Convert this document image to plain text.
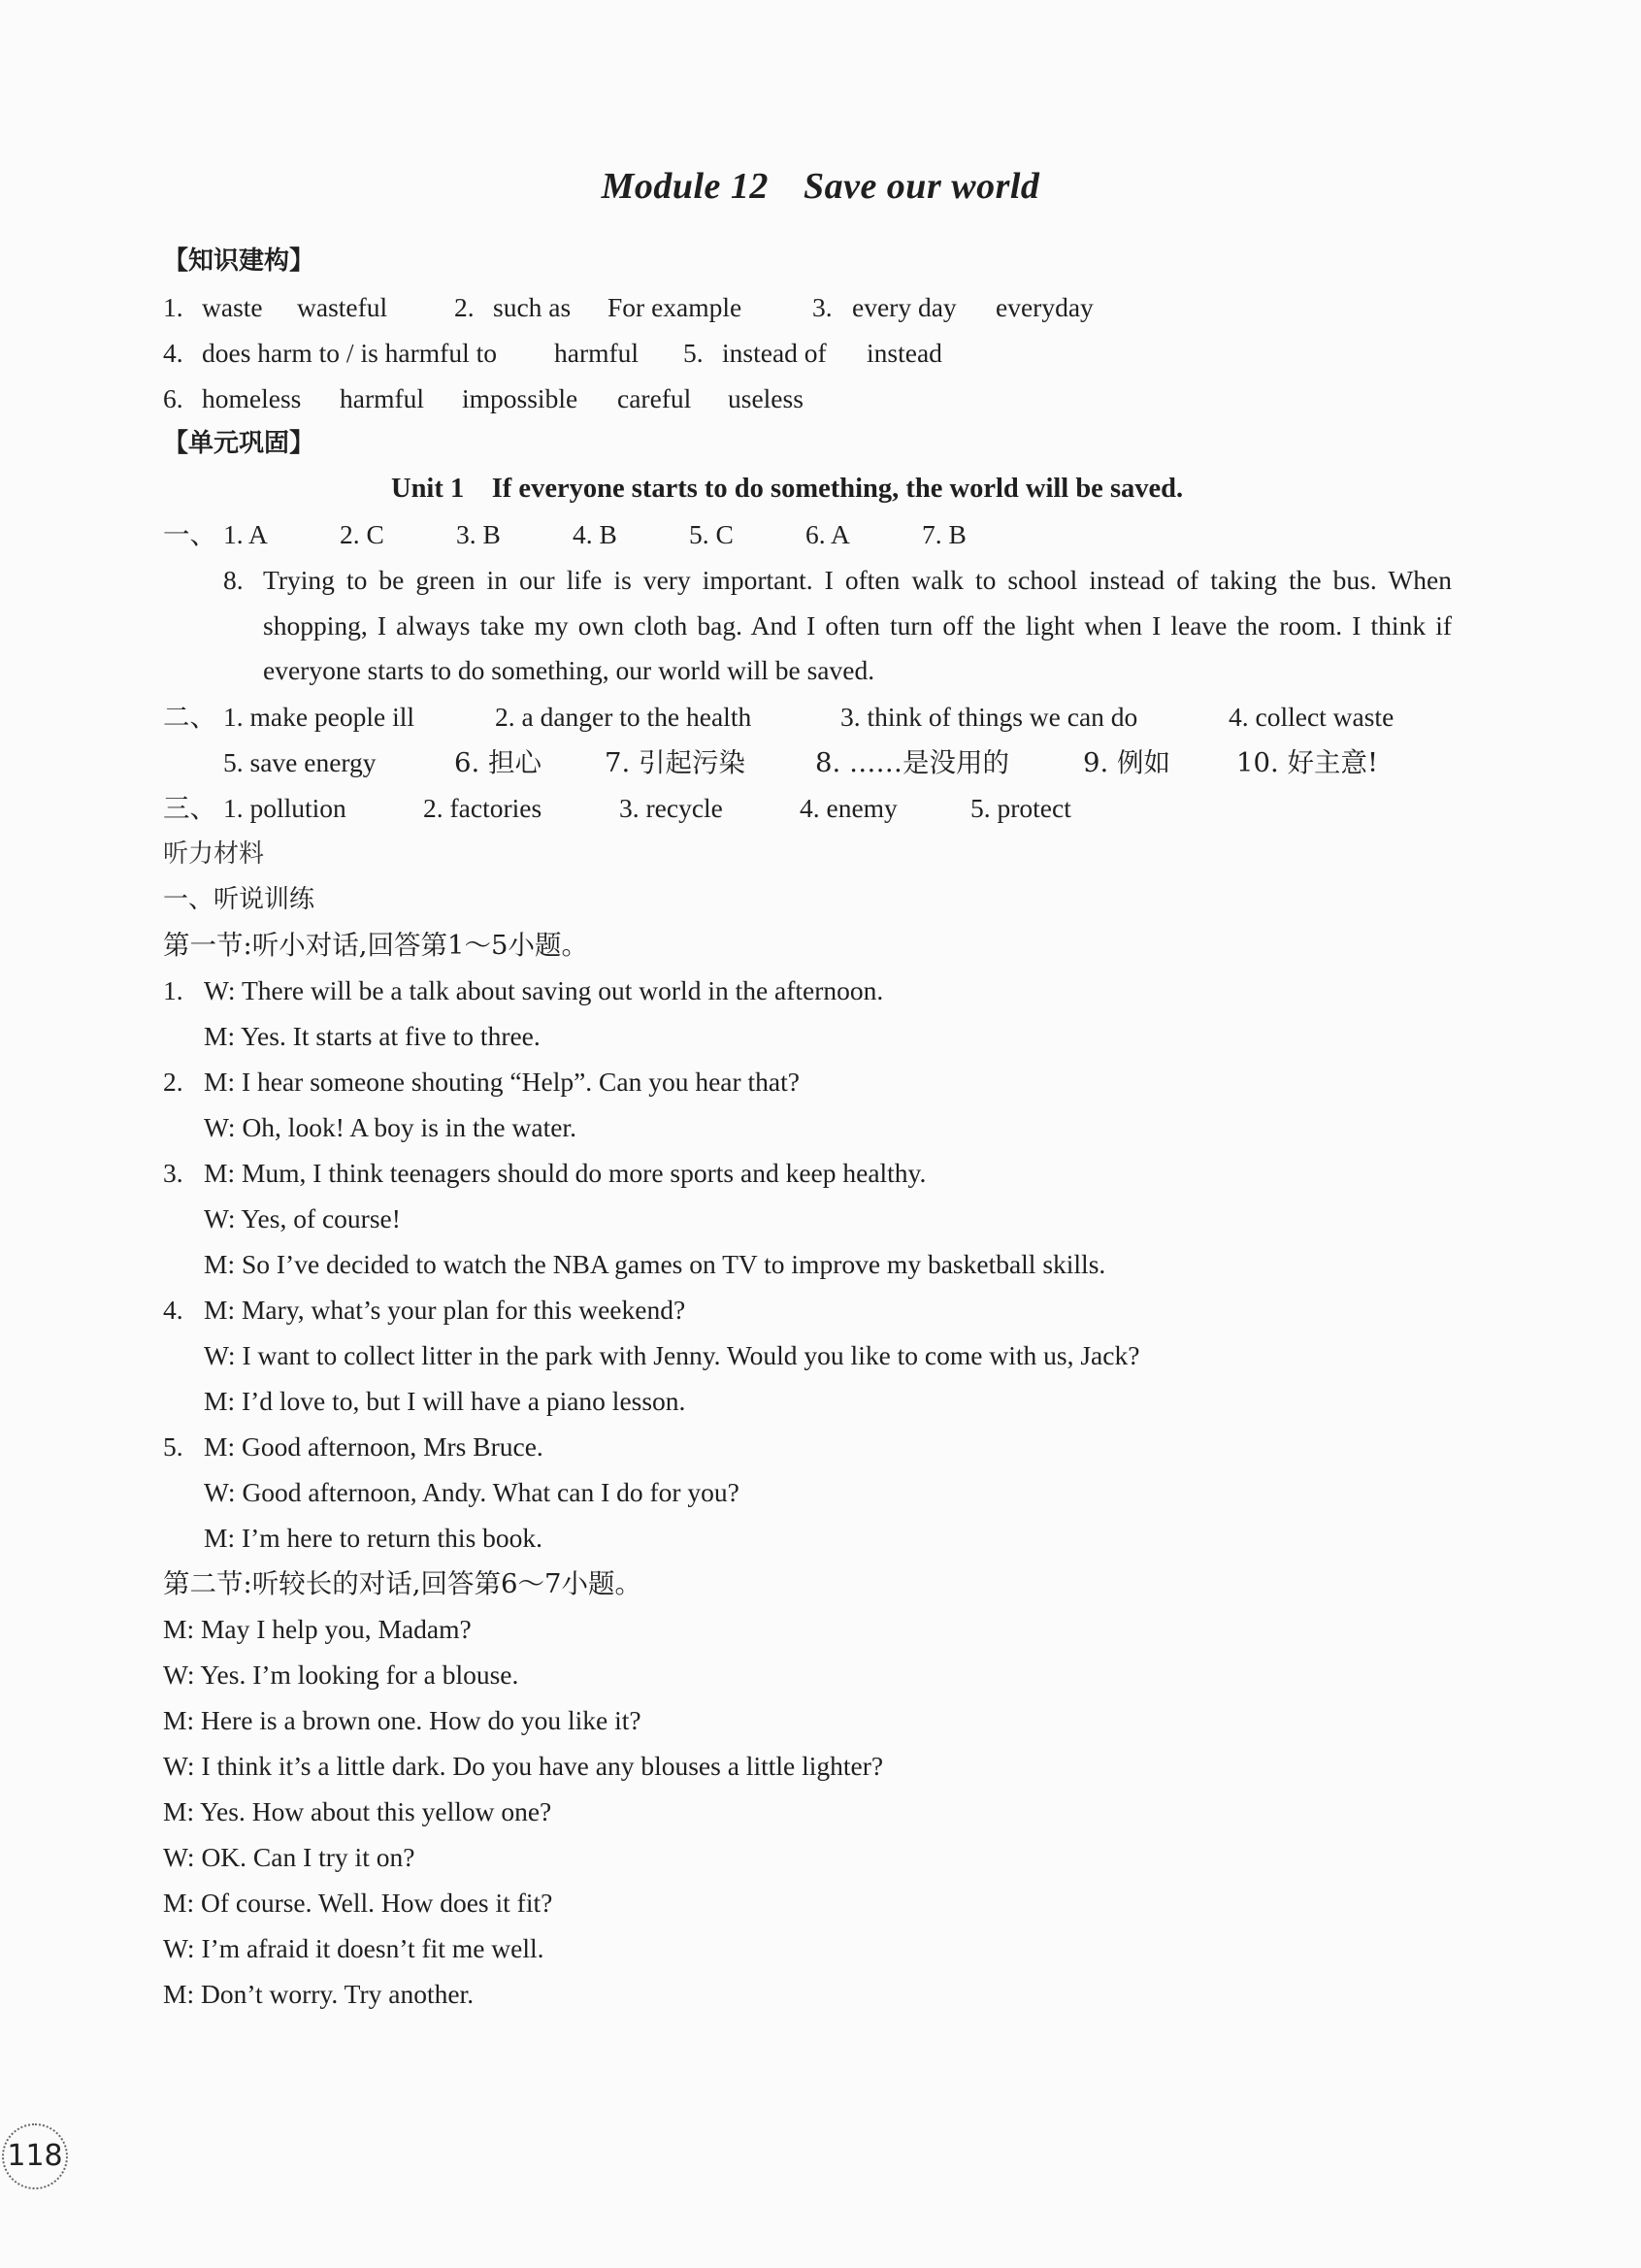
Module 12 Save our world
【知识建构】
1. waste wasteful	2. such as For example	3. every day everyday
4. does harm to / is harmful to harmful 5. instead of instead
6. homeless harmful impossible careful useless
【单元巩固】
Unit 1    If everyone starts to do something, the world will be saved.
一、 1. A	2. C	3. B	4. B	5. C	6. A	7. B
8. Trying to be green in our life is very important. I often walk to school instead of taking the bus. When shopping, I always take my own cloth bag. And I often turn off the light when I leave the room. I think if everyone starts to do something, our world will be saved.
二、 1. make people ill	2. a danger to the health	3. think of things we can do	4. collect waste
5. save energy	6. 担心 7. 引起污染	8. ……是没用的	9. 例如 10. 好主意!
三、 1. pollution	2. factories	3. recycle	4. enemy	5. protect
听力材料
一、听说训练
第一节:听小对话,回答第1～5小题。
1. W: There will be a talk about saving out world in the afternoon.
M: Yes. It starts at five to three.
2. M: I hear someone shouting “Help”. Can you hear that?
W: Oh, look! A boy is in the water.
3. M: Mum, I think teenagers should do more sports and keep healthy.
W: Yes, of course!
M: So I’ve decided to watch the NBA games on TV to improve my basketball skills.
4. M: Mary, what’s your plan for this weekend?
W: I want to collect litter in the park with Jenny. Would you like to come with us, Jack?
M: I’d love to, but I will have a piano lesson.
5. M: Good afternoon, Mrs Bruce.
W: Good afternoon, Andy. What can I do for you?
M: I’m here to return this book.
第二节:听较长的对话,回答第6～7小题。
M: May I help you, Madam?
W: Yes. I’m looking for a blouse.
M: Here is a brown one. How do you like it?
W: I think it’s a little dark. Do you have any blouses a little lighter?
M: Yes. How about this yellow one?
W: OK. Can I try it on?
M: Of course. Well. How does it fit?
W: I’m afraid it doesn’t fit me well.
M: Don’t worry. Try another.
118
